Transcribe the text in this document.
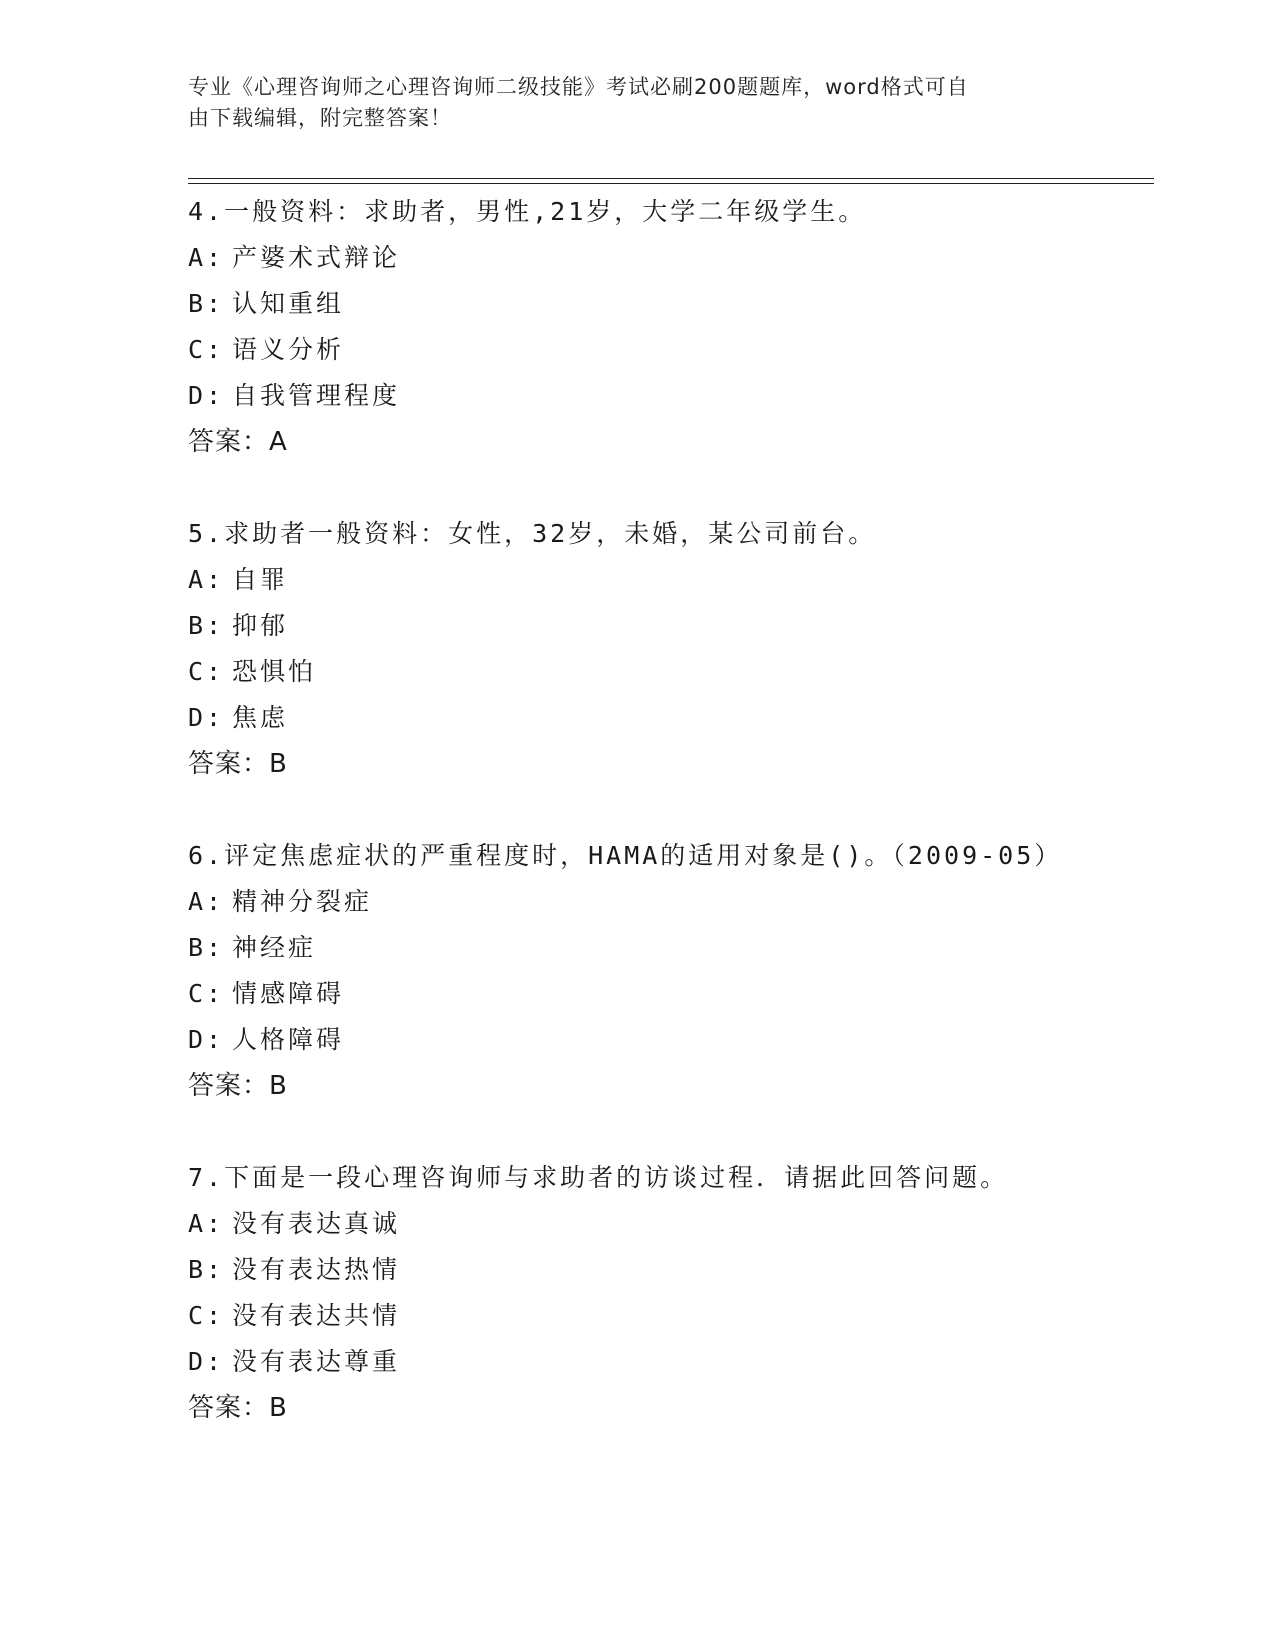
专业《心理咨询师之心理咨询师二级技能》考试必刷200题题库，word格式可自
由下载编辑，附完整答案！
4.一般资料：求助者，男性,21岁，大学二年级学生。
A: 产婆术式辩论
B: 认知重组
C: 语义分析
D: 自我管理程度
答案：A
5.求助者一般资料：女性，32岁，未婚，某公司前台。
A: 自罪
B: 抑郁
C: 恐惧怕
D: 焦虑
答案：B
6.评定焦虑症状的严重程度时，HAMA的适用对象是()。（2009-05）
A: 精神分裂症
B: 神经症
C: 情感障碍
D: 人格障碍
答案：B
7.下面是一段心理咨询师与求助者的访谈过程．请据此回答问题。
A: 没有表达真诚
B: 没有表达热情
C: 没有表达共情
D: 没有表达尊重
答案：B
